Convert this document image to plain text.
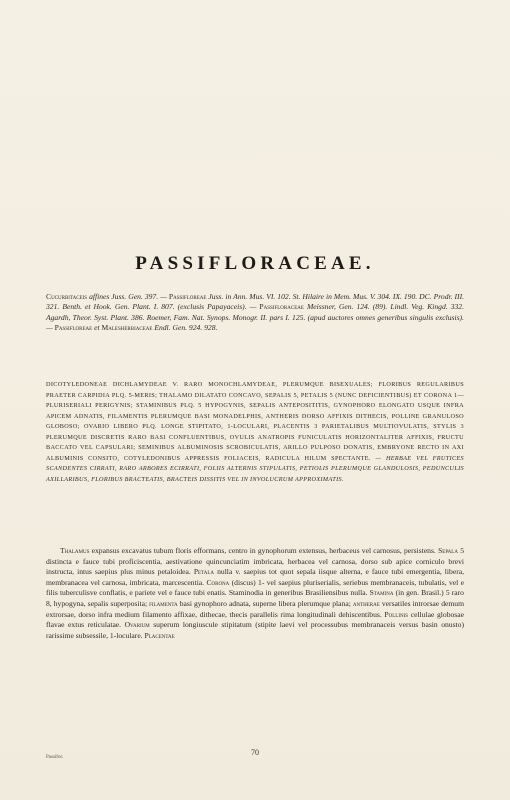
PASSIFLORACEAE.

Cucurbitaceis affines Juss. Gen. 397. — Passifloreae Juss. in Ann. Mus. VI. 102. St. Hilaire in Mem. Mus. V. 304. IX. 190. DC. Prodr. III. 321. Benth. et Hook. Gen. Plant. I. 807. (exclusis Papayaceis). — Passifloraceae Meissner, Gen. 124. (89). Lindl. Veg. Kingd. 332. Agardh, Theor. Syst. Plant. 386. Roemer, Fam. Nat. Synops. Monogr. II. pars I. 125. (apud auctores omnes generibus singulis exclusis). — Passifloreae et Malesherbiaceae Endl. Gen. 924. 928.

DICOTYLEDONEAE DICHLAMYDEAE V. RARO MONOCHLAMYDEAE, PLERUMQUE BISEXUALES; FLORIBUS REGULARIBUS PRAETER CARPIDIA PLQ. 5-MERIS; THALAMO DILATATO CONCAVO, SEPALIS 5, PETALIS 5 (NUNC DEFICIENTIBUS) ET CORONA 1—PLURISERIALI PERIGYNIS; STAMINIBUS PLQ. 5 HYPOGYNIS, SEPALIS ANTEPOSITITIS, GYNOPHORO ELONGATO USQUE INFRA APICEM ADNATIS, FILAMENTIS PLERUMQUE BASI MONADELPHIS, ANTHERIS DORSO AFFIXIS DITHECIS, POLLINE GRANULOSO GLOBOSO; OVARIO LIBERO PLQ. LONGE STIPITATO, 1-LOCULARI, PLACENTIS 3 PARIETALIBUS MULTIOVULATIS, STYLIS 3 PLERUMQUE DISCRETIS RARO BASI CONFLUENTIBUS, OVULIS ANATROPIS FUNICULATIS HORIZONTALITER AFFIXIS, FRUCTU BACCATO VEL CAPSULARI; SEMINIBUS ALBUMINOSIS SCROBICULATIS, ARILLO PULPOSO DONATIS, EMBRYONE RECTO IN AXI ALBUMINIS CONSITO, COTYLEDONIBUS APPRESSIS FOLIACEIS, RADICULA HILUM SPECTANTE. — HERBAE VEL FRUTICES SCANDENTES CIRRATI, RARO ARBORES ECIRRATI, FOLIIS ALTERNIS STIPULATIS, PETIOLIS PLERUMQUE GLANDULOSIS, PEDUNCULIS AXILLARIBUS, FLORIBUS BRACTEATIS, BRACTEIS DISSITIS VEL IN INVOLUCRUM APPROXIMATIS.

Thalamus expansus excavatus tubum floris efformans, centro in gynophorum extensus, herbaceus vel carnosus, persistens. Sepala 5 distincta e fauce tubi proficiscentia, aestivatione quincunciatim imbricata, herbacea vel carnosa, dorso sub apice corniculo brevi instructa, intus saepius plus minus petaloidea. Petala nulla v. saepius tot quot sepala iisque alterna, e fauce tubi emergentia, libera, membranacea vel carnosa, imbricata, marcescentia. Corona (discus) 1- vel saepius pluriserialis, seriebus membranaceis, tubulatis, vel e filis tuberculisve conflatis, e pariete vel e fauce tubi enatis. Staminodia in generibus Brasiliensibus nulla. Stamina (in gen. Brasil.) 5 raro 8, hypogyna, sepalis superposita; filamenta basi gynophoro adnata, superne libera plerumque plana; antherae versatiles introrsae demum extrorsae, dorso infra medium filamento affixae, dithecae, thecis parallelis rima longitudinali dehiscentibus. Pollinis cellulae globosae flavae extus reticulatae. Ovarium superum longiuscule stipitatum (stipite laevi vel processubus membranaceis versus basin onusto) rarissime subsessile, 1-loculare. Placentae

Passifor.
70
